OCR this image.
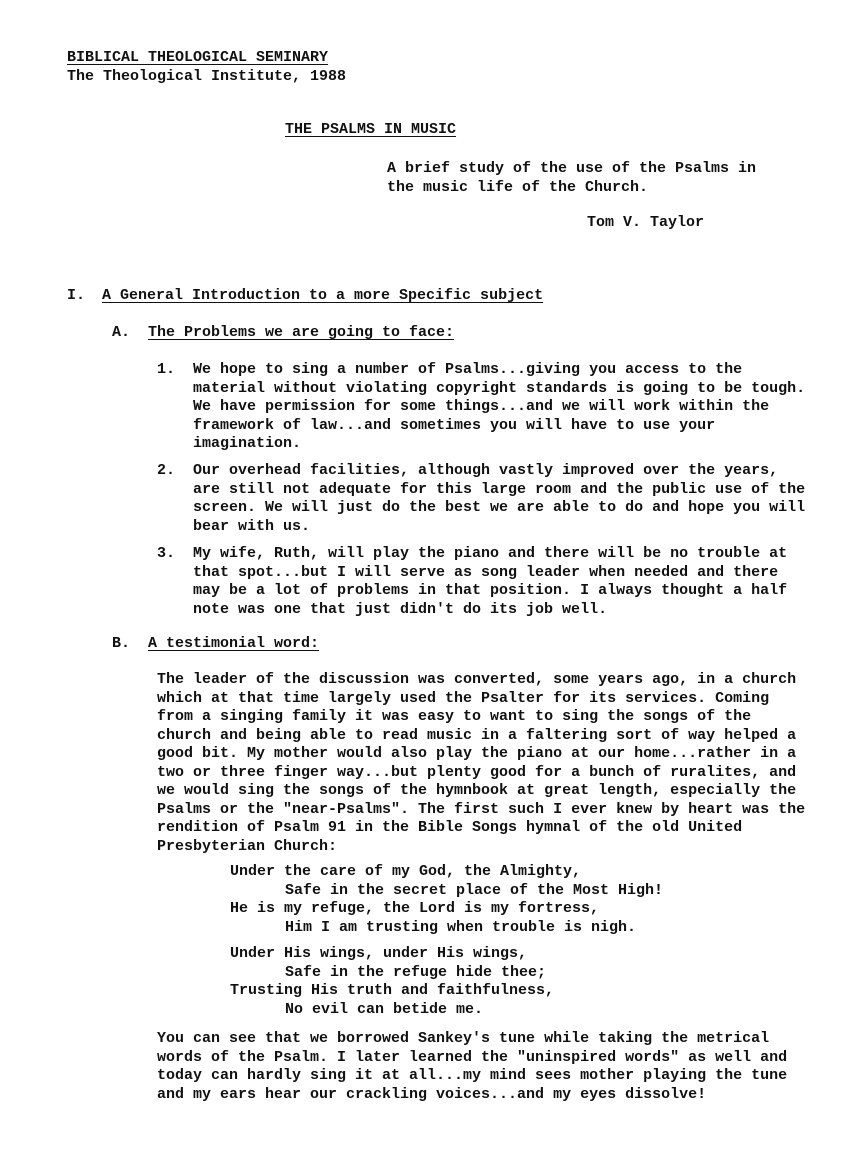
BIBLICAL THEOLOGICAL SEMINARY
The Theological Institute, 1988
THE PSALMS IN MUSIC
A brief study of the use of the Psalms in the music life of the Church.
Tom V. Taylor
I. A General Introduction to a more Specific subject
A. The Problems we are going to face:
1. We hope to sing a number of Psalms...giving you access to the material without violating copyright standards is going to be tough. We have permission for some things...and we will work within the framework of law...and sometimes you will have to use your imagination.
2. Our overhead facilities, although vastly improved over the years, are still not adequate for this large room and the public use of the screen. We will just do the best we are able to do and hope you will bear with us.
3. My wife, Ruth, will play the piano and there will be no trouble at that spot...but I will serve as song leader when needed and there may be a lot of problems in that position. I always thought a half note was one that just didn't do its job well.
B. A testimonial word:
The leader of the discussion was converted, some years ago, in a church which at that time largely used the Psalter for its services. Coming from a singing family it was easy to want to sing the songs of the church and being able to read music in a faltering sort of way helped a good bit. My mother would also play the piano at our home...rather in a two or three finger way...but plenty good for a bunch of ruralites, and we would sing the songs of the hymnbook at great length, especially the Psalms or the "near-Psalms". The first such I ever knew by heart was the rendition of Psalm 91 in the Bible Songs hymnal of the old United Presbyterian Church:
Under the care of my God, the Almighty,
Safe in the secret place of the Most High!
He is my refuge, the Lord is my fortress,
Him I am trusting when trouble is nigh.
Under His wings, under His wings,
Safe in the refuge hide thee;
Trusting His truth and faithfulness,
No evil can betide me.
You can see that we borrowed Sankey's tune while taking the metrical words of the Psalm. I later learned the "uninspired words" as well and today can hardly sing it at all...my mind sees mother playing the tune and my ears hear our crackling voices...and my eyes dissolve!
